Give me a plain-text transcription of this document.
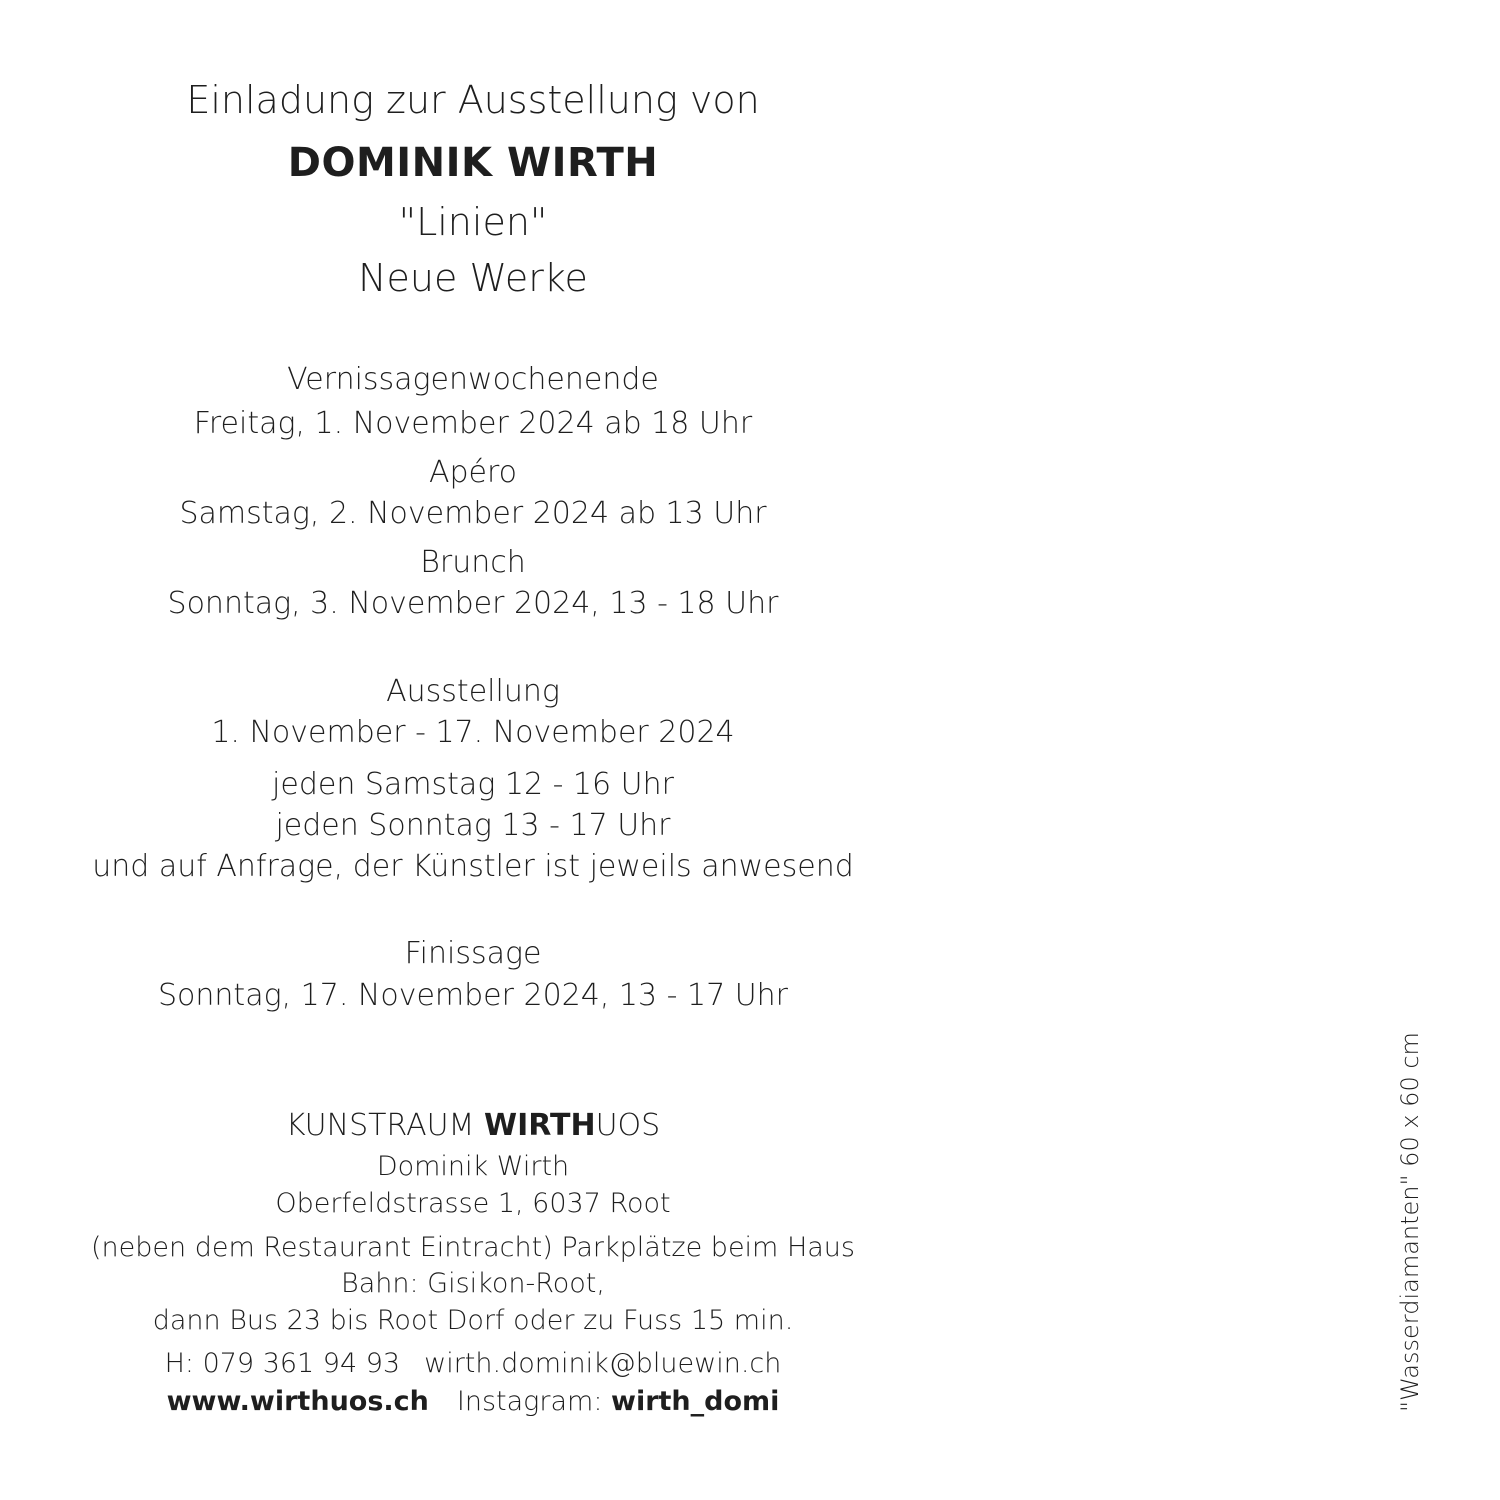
Einladung zur Ausstellung von
DOMINIK WIRTH
"Linien"
Neue Werke
Vernissagenwochenende
Freitag, 1. November 2024 ab 18 Uhr
Apéro
Samstag, 2. November 2024 ab 13 Uhr
Brunch
Sonntag, 3. November 2024, 13 - 18 Uhr
Ausstellung
1. November - 17. November 2024
jeden Samstag 12 - 16 Uhr
jeden Sonntag 13 - 17 Uhr
und auf Anfrage, der Künstler ist jeweils anwesend
Finissage
Sonntag, 17. November 2024, 13 - 17 Uhr
KUNSTRAUM WIRTHUOS
Dominik Wirth
Oberfeldstrasse 1, 6037 Root
(neben dem Restaurant Eintracht) Parkplätze beim Haus
Bahn: Gisikon-Root,
dann Bus 23 bis Root Dorf oder zu Fuss 15 min.
H: 079 361 94 93 wirth.dominik@bluewin.ch
www.wirthuos.ch Instagram: wirth_domi	"Wasserdiamanten" 60 x 60 cm
